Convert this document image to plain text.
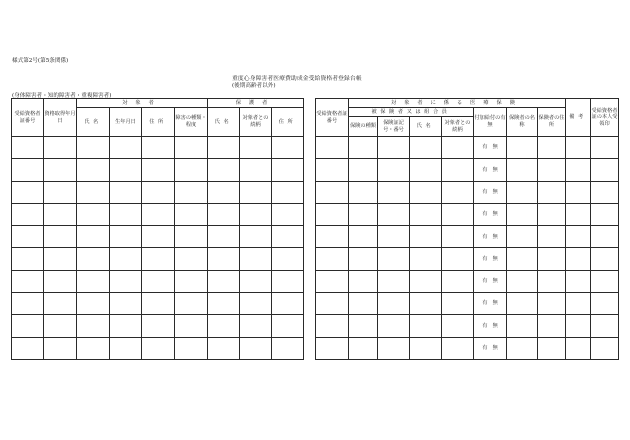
様式第2号(第5条関係)
重度心身障害者医療費助成金受給資格者登録台帳
(後期高齢者以外)
(身体障害者・知的障害者・重複障害者)
受給資格者証番号	資格取得年月日	対象者				保護者		
		氏名	生年月日	住所	障害の種類・程度	氏名	対象者との続柄	住所

受給資格者証番号	対象者に係る医療保険							備考	受給資格者証の本人受領印
	被保険者又は組合員				付加給付の有無	保険者の名称	保険者の住所		
	保険の種類	保険証記号・番号	氏名	対象者との続柄					
					有　無				
					有　無				
					有　無				
					有　無				
					有　無				
					有　無				
					有　無				
					有　無				
					有　無				
					有　無				
